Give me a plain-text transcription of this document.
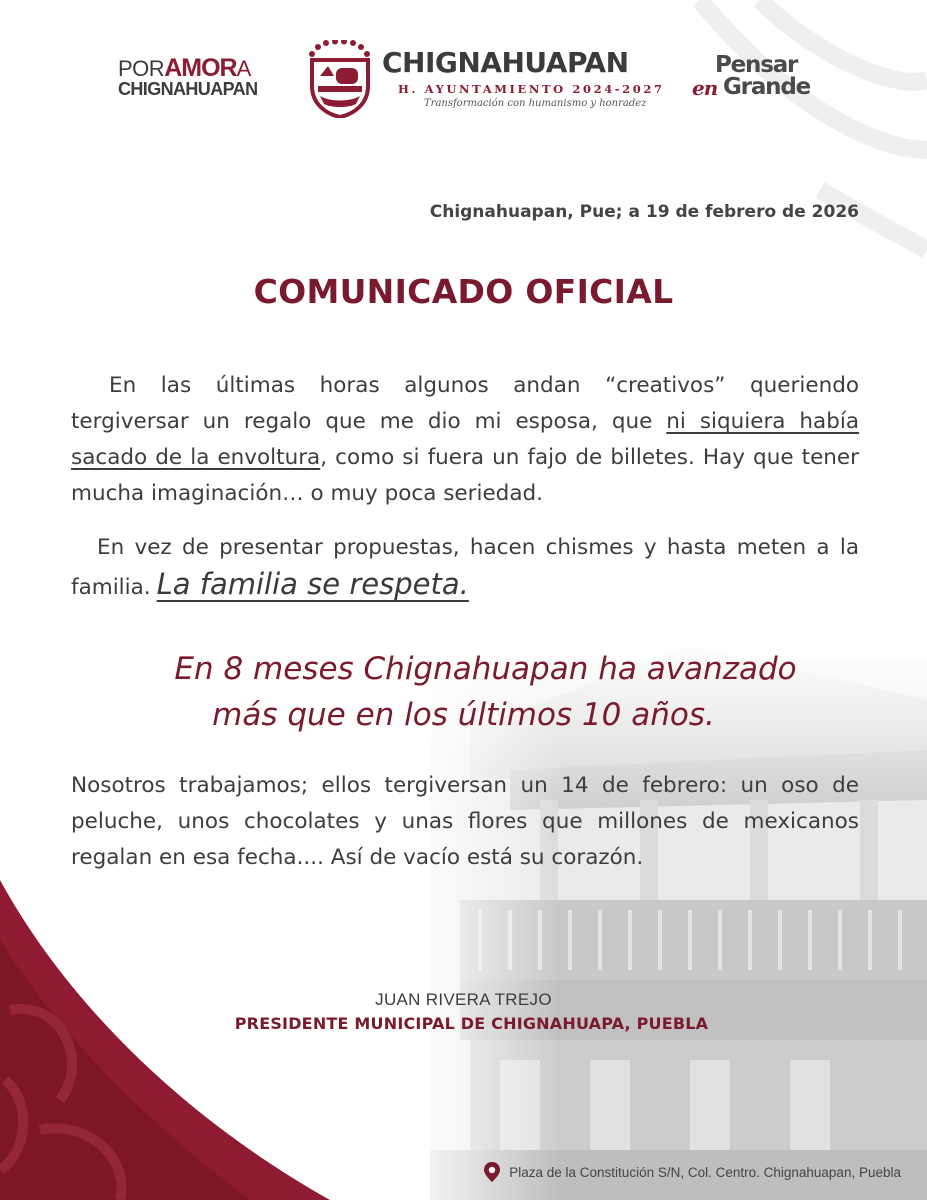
PORAMORA
CHIGNAHUAPAN
CHIGNAHUAPAN
H. AYUNTAMIENTO 2024-2027
Transformación con humanismo y honradez
Pensar
en Grande
Chignahuapan, Pue; a 19 de febrero de 2026
COMUNICADO OFICIAL
En las últimas horas algunos andan “creativos” queriendo tergiversar un regalo que me dio mi esposa, que ni siquiera había sacado de la envoltura, como si fuera un fajo de billetes. Hay que tener mucha imaginación… o muy poca seriedad.
En vez de presentar propuestas, hacen chismes y hasta meten a la familia. La familia se respeta.
En 8 meses Chignahuapan ha avanzado
más que en los últimos 10 años.
Nosotros trabajamos; ellos tergiversan un 14 de febrero: un oso de peluche, unos chocolates y unas flores que millones de mexicanos regalan en esa fecha.... Así de vacío está su corazón.
JUAN RIVERA TREJO
PRESIDENTE MUNICIPAL DE CHIGNAHUAPA, PUEBLA
Plaza de la Constitución S/N, Col. Centro. Chignahuapan, Puebla
